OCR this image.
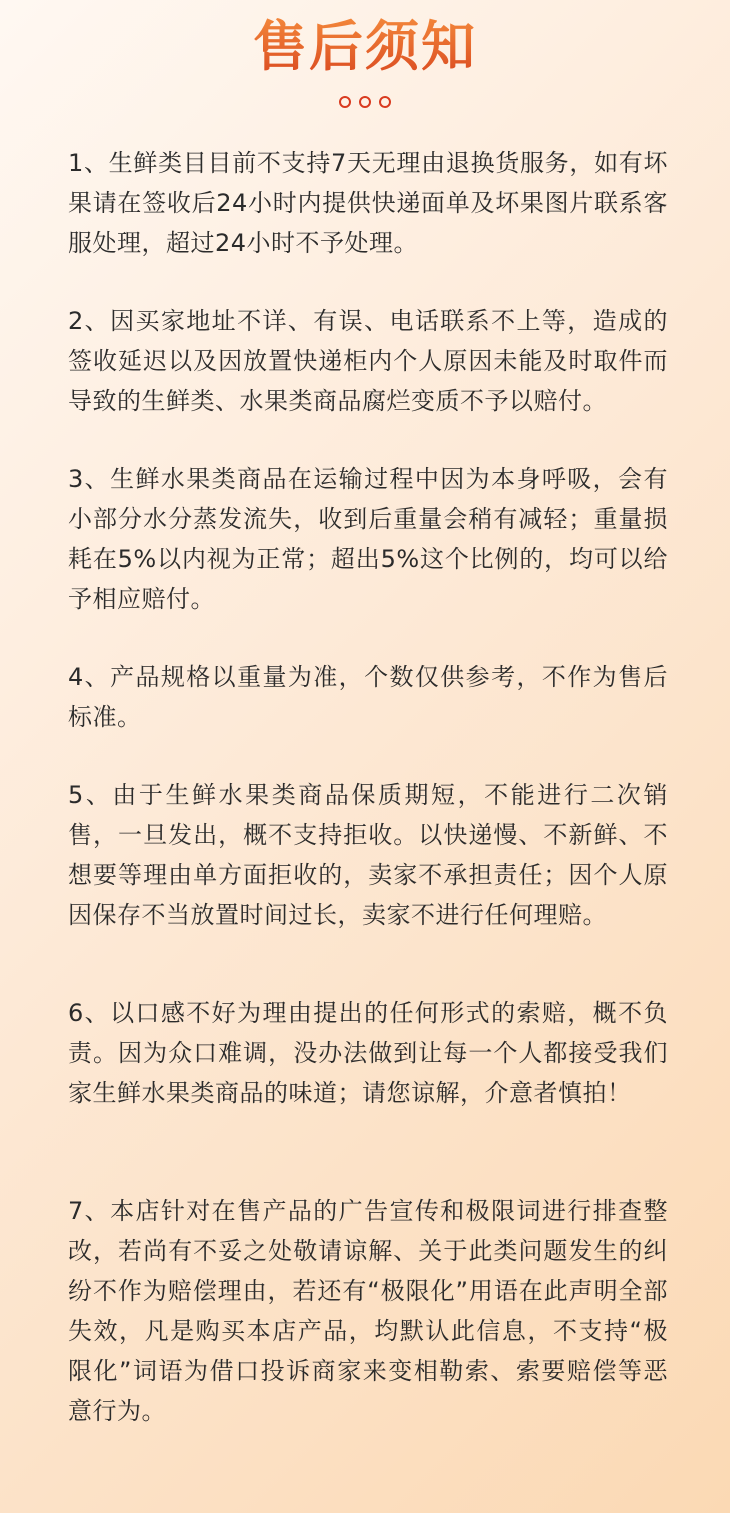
售后须知

1、生鲜类目目前不支持7天无理由退换货服务，如有坏果请在签收后24小时内提供快递面单及坏果图片联系客服处理，超过24小时不予处理。

2、因买家地址不详、有误、电话联系不上等，造成的签收延迟以及因放置快递柜内个人原因未能及时取件而导致的生鲜类、水果类商品腐烂变质不予以赔付。

3、生鲜水果类商品在运输过程中因为本身呼吸，会有小部分水分蒸发流失，收到后重量会稍有减轻；重量损耗在5%以内视为正常；超出5%这个比例的，均可以给予相应赔付。

4、产品规格以重量为准，个数仅供参考，不作为售后标准。

5、由于生鲜水果类商品保质期短，不能进行二次销售，一旦发出，概不支持拒收。以快递慢、不新鲜、不想要等理由单方面拒收的，卖家不承担责任；因个人原因保存不当放置时间过长，卖家不进行任何理赔。

6、以口感不好为理由提出的任何形式的索赔，概不负责。因为众口难调，没办法做到让每一个人都接受我们家生鲜水果类商品的味道；请您谅解，介意者慎拍！

7、本店针对在售产品的广告宣传和极限词进行排查整改，若尚有不妥之处敬请谅解、关于此类问题发生的纠纷不作为赔偿理由，若还有“极限化”用语在此声明全部失效，凡是购买本店产品，均默认此信息，不支持“极限化”词语为借口投诉商家来变相勒索、索要赔偿等恶意行为。
